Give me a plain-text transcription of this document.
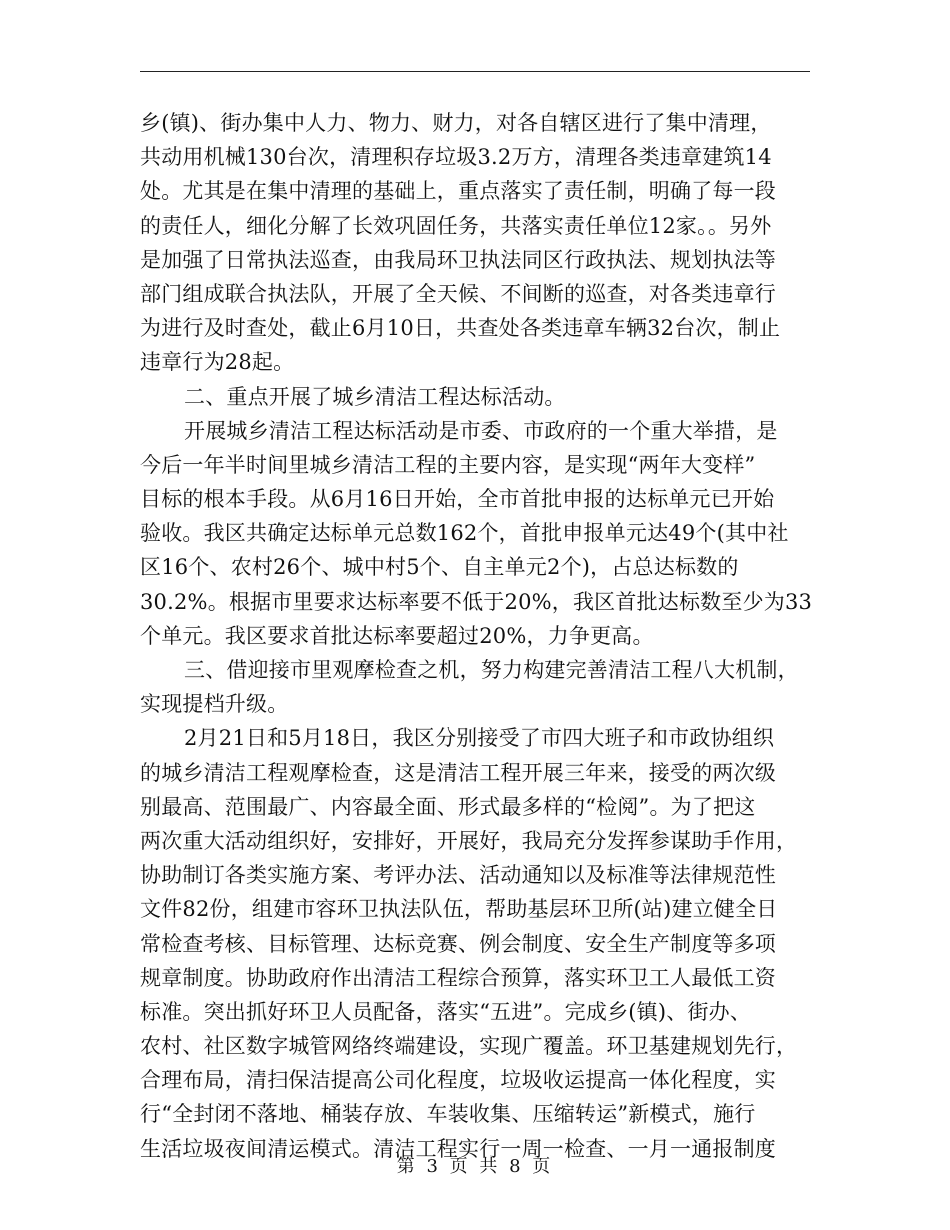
乡(镇)、街办集中人力、物力、财力，对各自辖区进行了集中清理，
共动用机械130台次，清理积存垃圾3.2万方，清理各类违章建筑14
处。尤其是在集中清理的基础上，重点落实了责任制，明确了每一段
的责任人，细化分解了长效巩固任务，共落实责任单位12家。。另外
是加强了日常执法巡查，由我局环卫执法同区行政执法、规划执法等
部门组成联合执法队，开展了全天候、不间断的巡查，对各类违章行
为进行及时查处，截止6月10日，共查处各类违章车辆32台次，制止
违章行为28起。
二、重点开展了城乡清洁工程达标活动。
开展城乡清洁工程达标活动是市委、市政府的一个重大举措，是
今后一年半时间里城乡清洁工程的主要内容，是实现“两年大变样”
目标的根本手段。从6月16日开始，全市首批申报的达标单元已开始
验收。我区共确定达标单元总数162个，首批申报单元达49个(其中社
区16个、农村26个、城中村5个、自主单元2个)，占总达标数的
30.2%。根据市里要求达标率要不低于20%，我区首批达标数至少为33
个单元。我区要求首批达标率要超过20%，力争更高。
三、借迎接市里观摩检查之机，努力构建完善清洁工程八大机制，
实现提档升级。
2月21日和5月18日，我区分别接受了市四大班子和市政协组织
的城乡清洁工程观摩检查，这是清洁工程开展三年来，接受的两次级
别最高、范围最广、内容最全面、形式最多样的“检阅”。为了把这
两次重大活动组织好，安排好，开展好，我局充分发挥参谋助手作用，
协助制订各类实施方案、考评办法、活动通知以及标准等法律规范性
文件82份，组建市容环卫执法队伍，帮助基层环卫所(站)建立健全日
常检查考核、目标管理、达标竞赛、例会制度、安全生产制度等多项
规章制度。协助政府作出清洁工程综合预算，落实环卫工人最低工资
标准。突出抓好环卫人员配备，落实“五进”。完成乡(镇)、街办、
农村、社区数字城管网络终端建设，实现广覆盖。环卫基建规划先行，
合理布局，清扫保洁提高公司化程度，垃圾收运提高一体化程度，实
行“全封闭不落地、桶装存放、车装收集、压缩转运”新模式，施行
生活垃圾夜间清运模式。清洁工程实行一周一检查、一月一通报制度
第 3 页 共 8 页
